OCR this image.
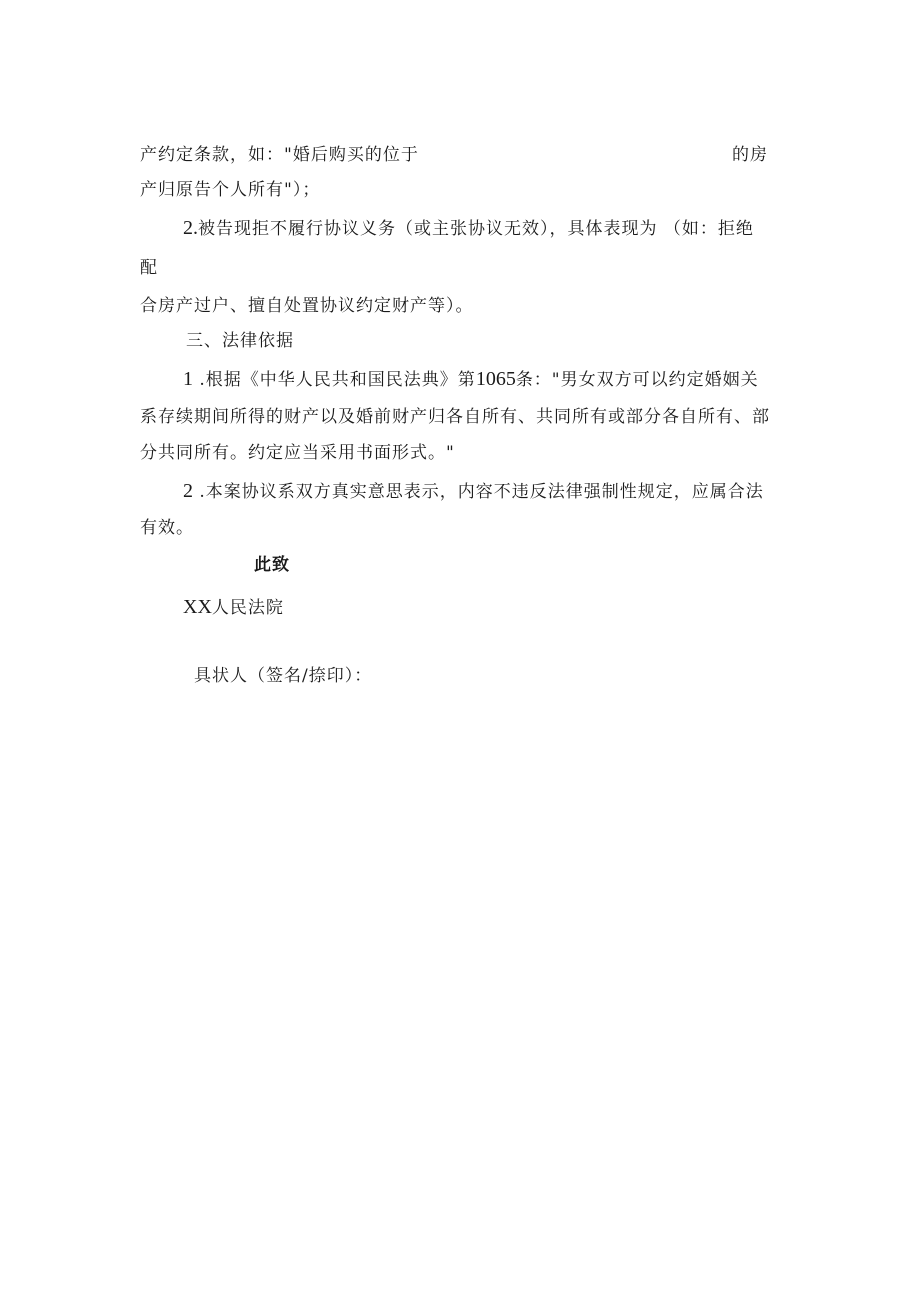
产约定条款，如："婚后购买的位于	的房
产归原告个人所有"）；
2.被告现拒不履行协议义务（或主张协议无效），具体表现为 （如：拒绝
配
合房产过户、擅自处置协议约定财产等）。
三、法律依据
1 .根据《中华人民共和国民法典》第1065条："男女双方可以约定婚姻关
系存续期间所得的财产以及婚前财产归各自所有、共同所有或部分各自所有、部
分共同所有。约定应当采用书面形式。"
2 .本案协议系双方真实意思表示，内容不违反法律强制性规定，应属合法
有效。
此致
XX人民法院
具状人（签名/捺印）：
